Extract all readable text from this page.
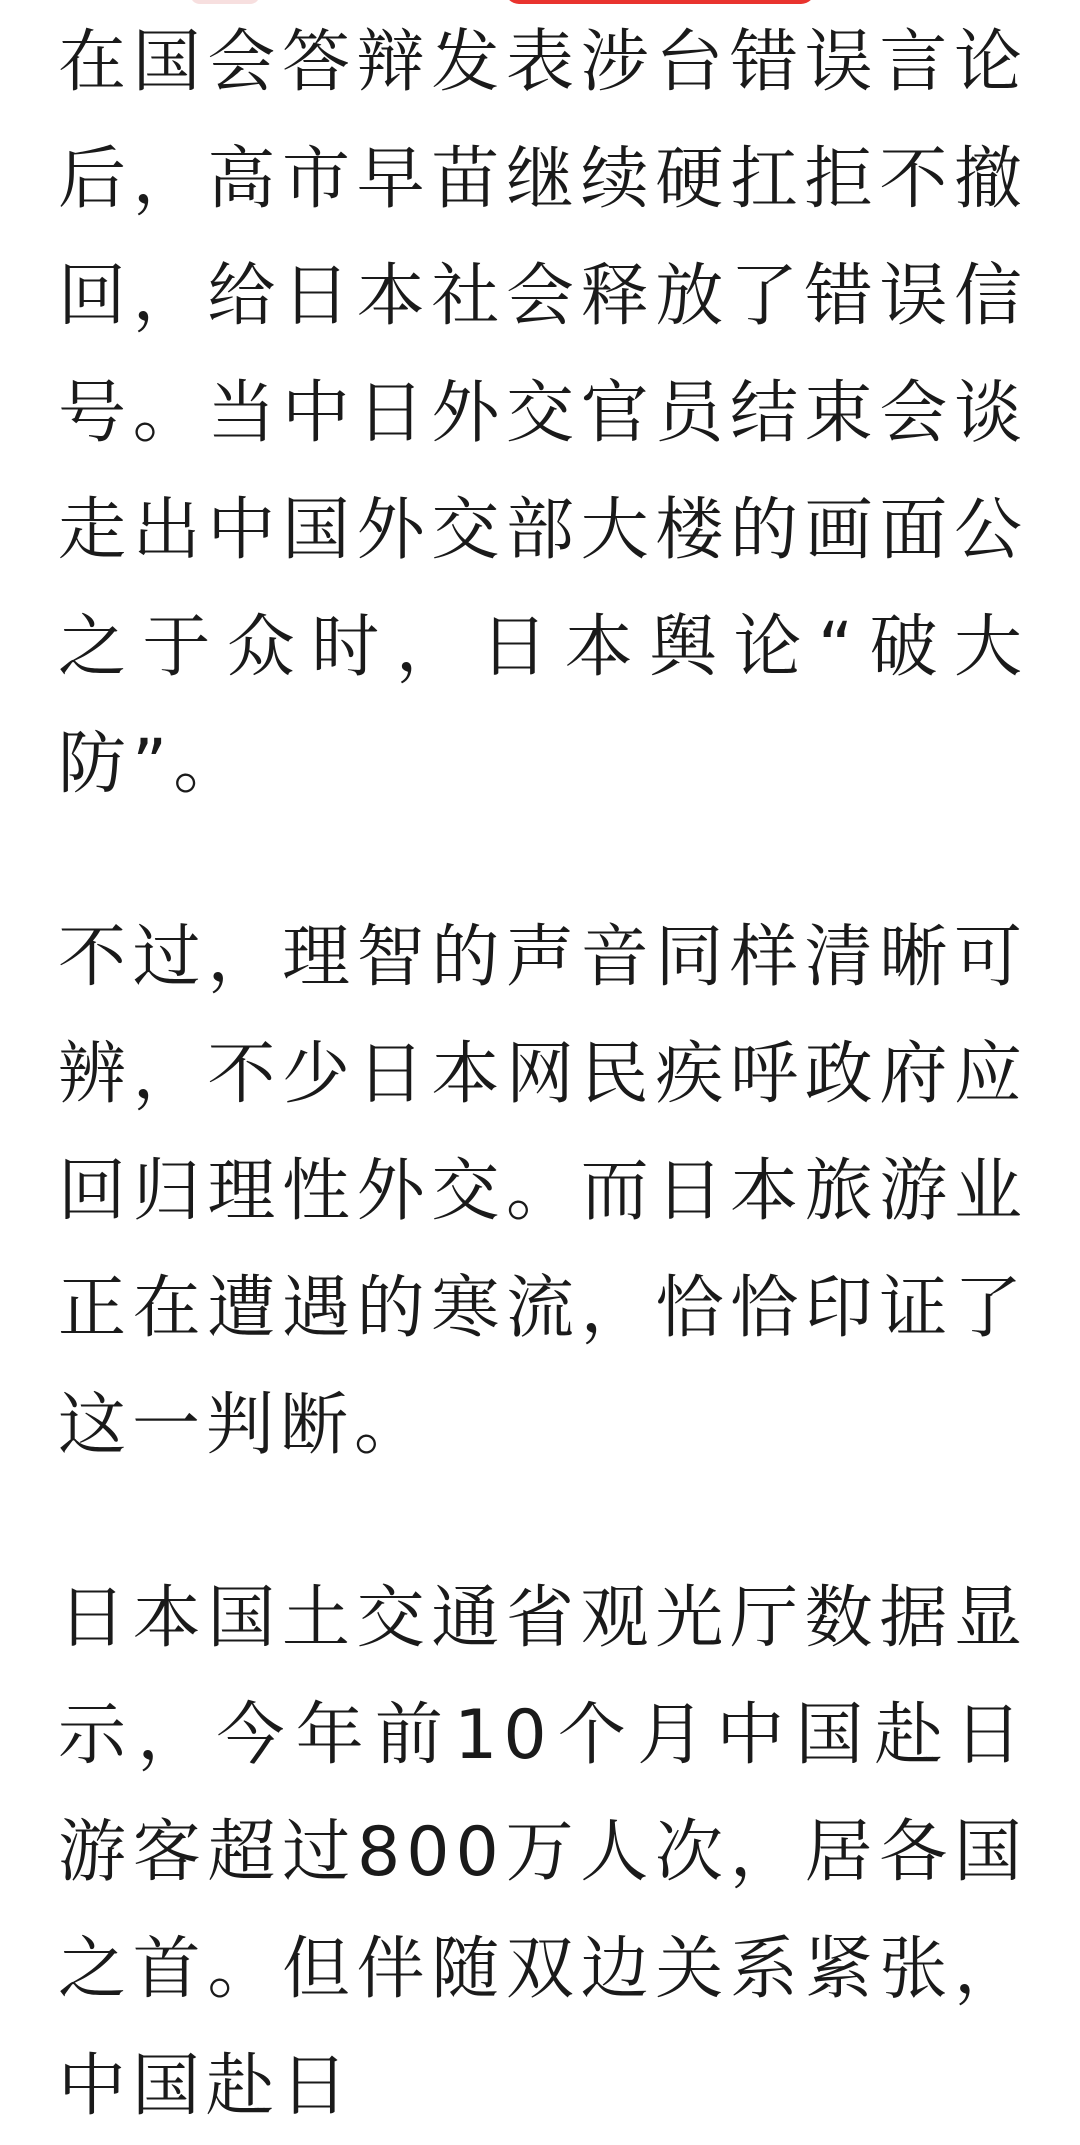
在国会答辩发表涉台错误言论后，高市早苗继续硬扛拒不撤回，给日本社会释放了错误信号。当中日外交官员结束会谈走出中国外交部大楼的画面公之于众时，日本舆论“破大防”。

不过，理智的声音同样清晰可辨，不少日本网民疾呼政府应回归理性外交。而日本旅游业正在遭遇的寒流，恰恰印证了这一判断。

日本国土交通省观光厅数据显示，今年前10个月中国赴日游客超过800万人次，居各国之首。但伴随双边关系紧张，中国赴日
